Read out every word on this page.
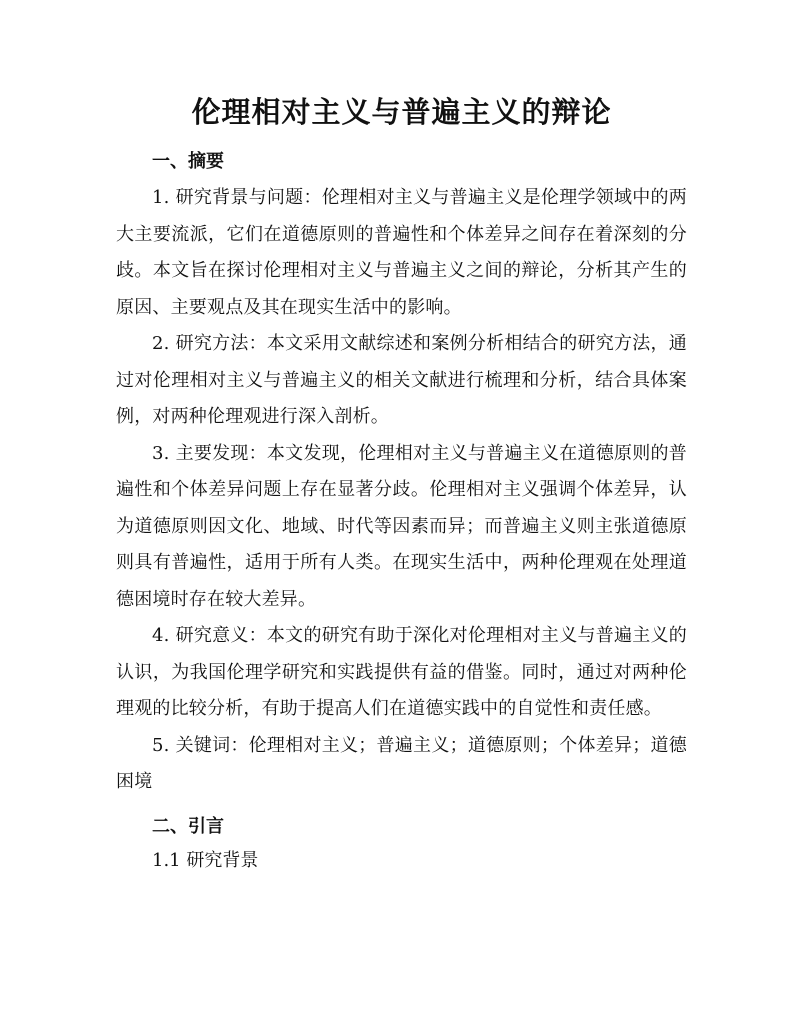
伦理相对主义与普遍主义的辩论
一、摘要

1. 研究背景与问题：伦理相对主义与普遍主义是伦理学领域中的两大主要流派，它们在道德原则的普遍性和个体差异之间存在着深刻的分歧。本文旨在探讨伦理相对主义与普遍主义之间的辩论，分析其产生的原因、主要观点及其在现实生活中的影响。

2. 研究方法：本文采用文献综述和案例分析相结合的研究方法，通过对伦理相对主义与普遍主义的相关文献进行梳理和分析，结合具体案例，对两种伦理观进行深入剖析。

3. 主要发现：本文发现，伦理相对主义与普遍主义在道德原则的普遍性和个体差异问题上存在显著分歧。伦理相对主义强调个体差异，认为道德原则因文化、地域、时代等因素而异；而普遍主义则主张道德原则具有普遍性，适用于所有人类。在现实生活中，两种伦理观在处理道德困境时存在较大差异。

4. 研究意义：本文的研究有助于深化对伦理相对主义与普遍主义的认识，为我国伦理学研究和实践提供有益的借鉴。同时，通过对两种伦理观的比较分析，有助于提高人们在道德实践中的自觉性和责任感。

5. 关键词：伦理相对主义；普遍主义；道德原则；个体差异；道德困境

二、引言

1.1 研究背景
